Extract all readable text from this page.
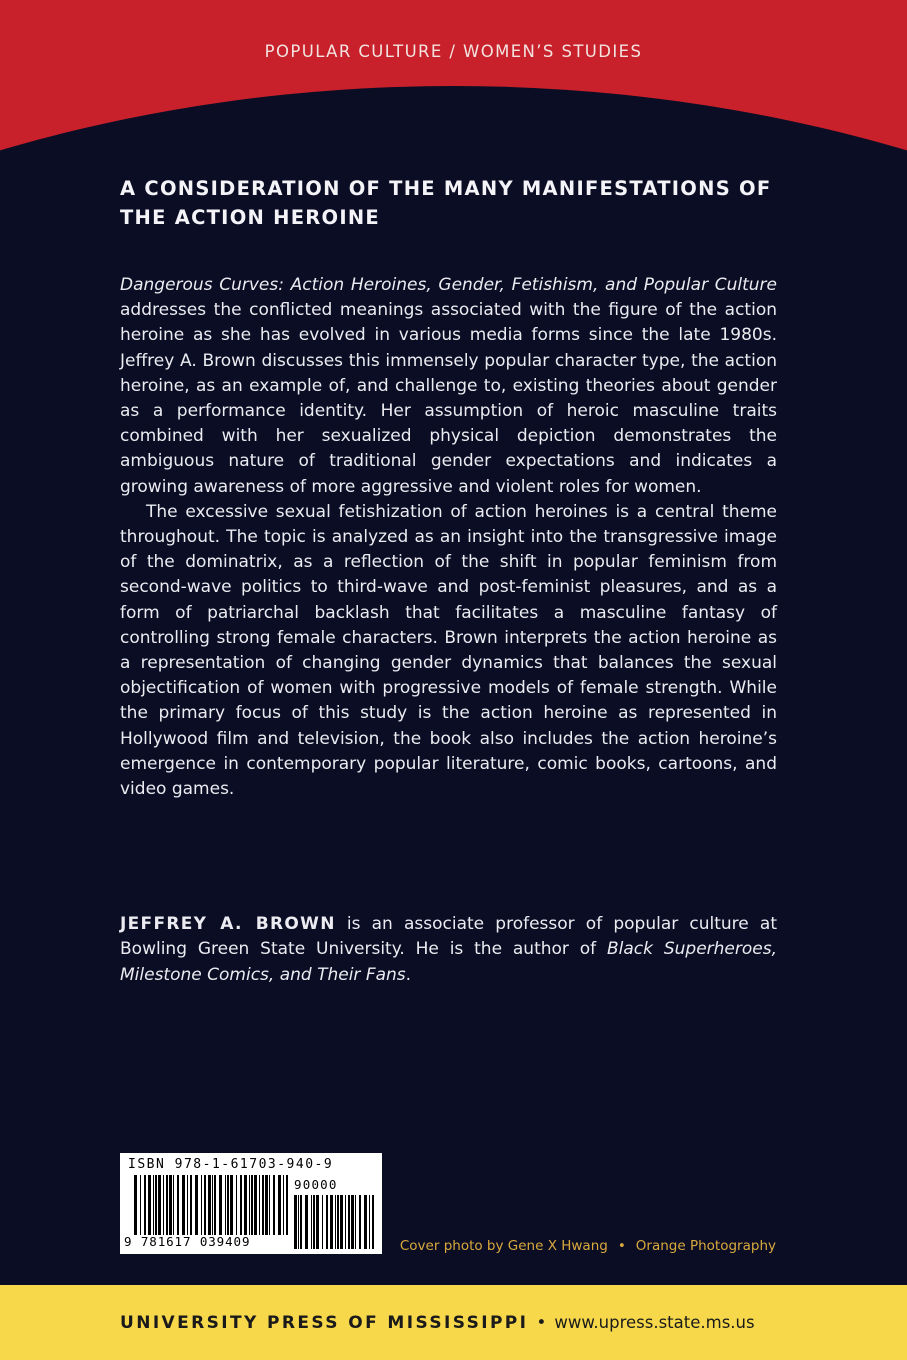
POPULAR CULTURE / WOMEN’S STUDIES
A CONSIDERATION OF THE MANY MANIFESTATIONS OF THE ACTION HEROINE

Dangerous Curves: Action Heroines, Gender, Fetishism, and Popular Culture addresses the conflicted meanings associated with the figure of the action heroine as she has evolved in various media forms since the late 1980s. Jeffrey A. Brown discusses this immensely popular character type, the action heroine, as an example of, and challenge to, existing theories about gender as a performance identity. Her assumption of heroic masculine traits combined with her sexualized physical depiction demonstrates the ambiguous nature of traditional gender expectations and indicates a growing awareness of more aggressive and violent roles for women.

The excessive sexual fetishization of action heroines is a central theme throughout. The topic is analyzed as an insight into the transgressive image of the dominatrix, as a reflection of the shift in popular feminism from second-wave politics to third-wave and post-feminist pleasures, and as a form of patriarchal backlash that facilitates a masculine fantasy of controlling strong female characters. Brown interprets the action heroine as a representation of changing gender dynamics that balances the sexual objectification of women with progressive models of female strength. While the primary focus of this study is the action heroine as represented in Hollywood film and television, the book also includes the action heroine’s emergence in contemporary popular literature, comic books, cartoons, and video games.

JEFFREY A. BROWN is an associate professor of popular culture at Bowling Green State University. He is the author of Black Superheroes, Milestone Comics, and Their Fans.

ISBN 978-1-61703-940-9
90000
9 781617 039409	Cover photo by Gene X Hwang • Orange Photography
UNIVERSITY PRESS OF MISSISSIPPI • www.upress.state.ms.us
